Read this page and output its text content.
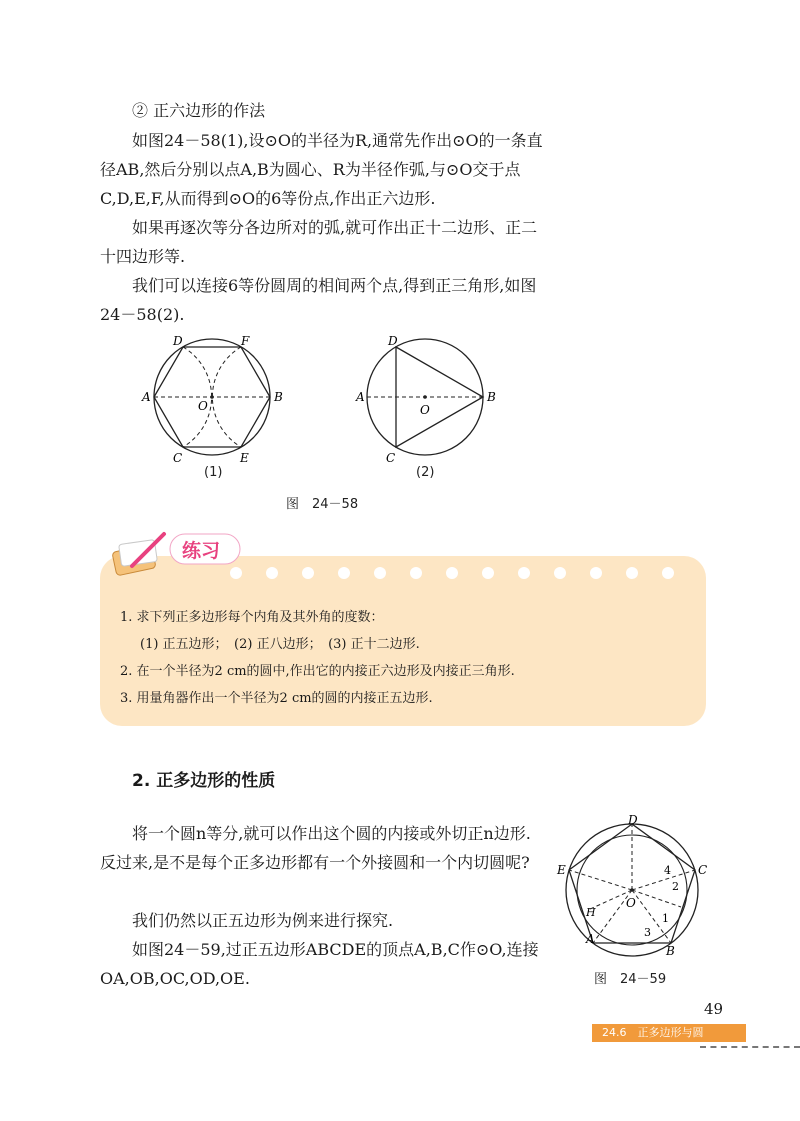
② 正六边形的作法

如图24－58(1),设⊙O的半径为R,通常先作出⊙O的一条直径AB,然后分别以点A,B为圆心、R为半径作弧,与⊙O交于点C,D,E,F,从而得到⊙O的6等份点,作出正六边形.

如果再逐次等分各边所对的弧,就可作出正十二边形、正二十四边形等.

我们可以连接6等份圆周的相间两个点,得到正三角形,如图24－58(2).

A	B
C
D
E
F
O
(1)
A	B
C
D
O
(2)
图　24－58
练习
1. 求下列正多边形每个内角及其外角的度数：
(1) 正五边形；　(2) 正八边形；　(3) 正十二边形.
2. 在一个半径为2 cm的圆中,作出它的内接正六边形及内接正三角形.
3. 用量角器作出一个半径为2 cm的圆的内接正五边形.
2. 正多边形的性质

将一个圆n等分,就可以作出这个圆的内接或外切正n边形. 反过来,是不是每个正多边形都有一个外接圆和一个内切圆呢?

我们仍然以正五边形为例来进行探究.

如图24－59,过正五边形ABCDE的顶点A,B,C作⊙O,连接OA,OB,OC,OD,OE.

A
B
C
D
E
H
O
1
2
3
4
图　24－59
49
24.6　正多边形与圆
